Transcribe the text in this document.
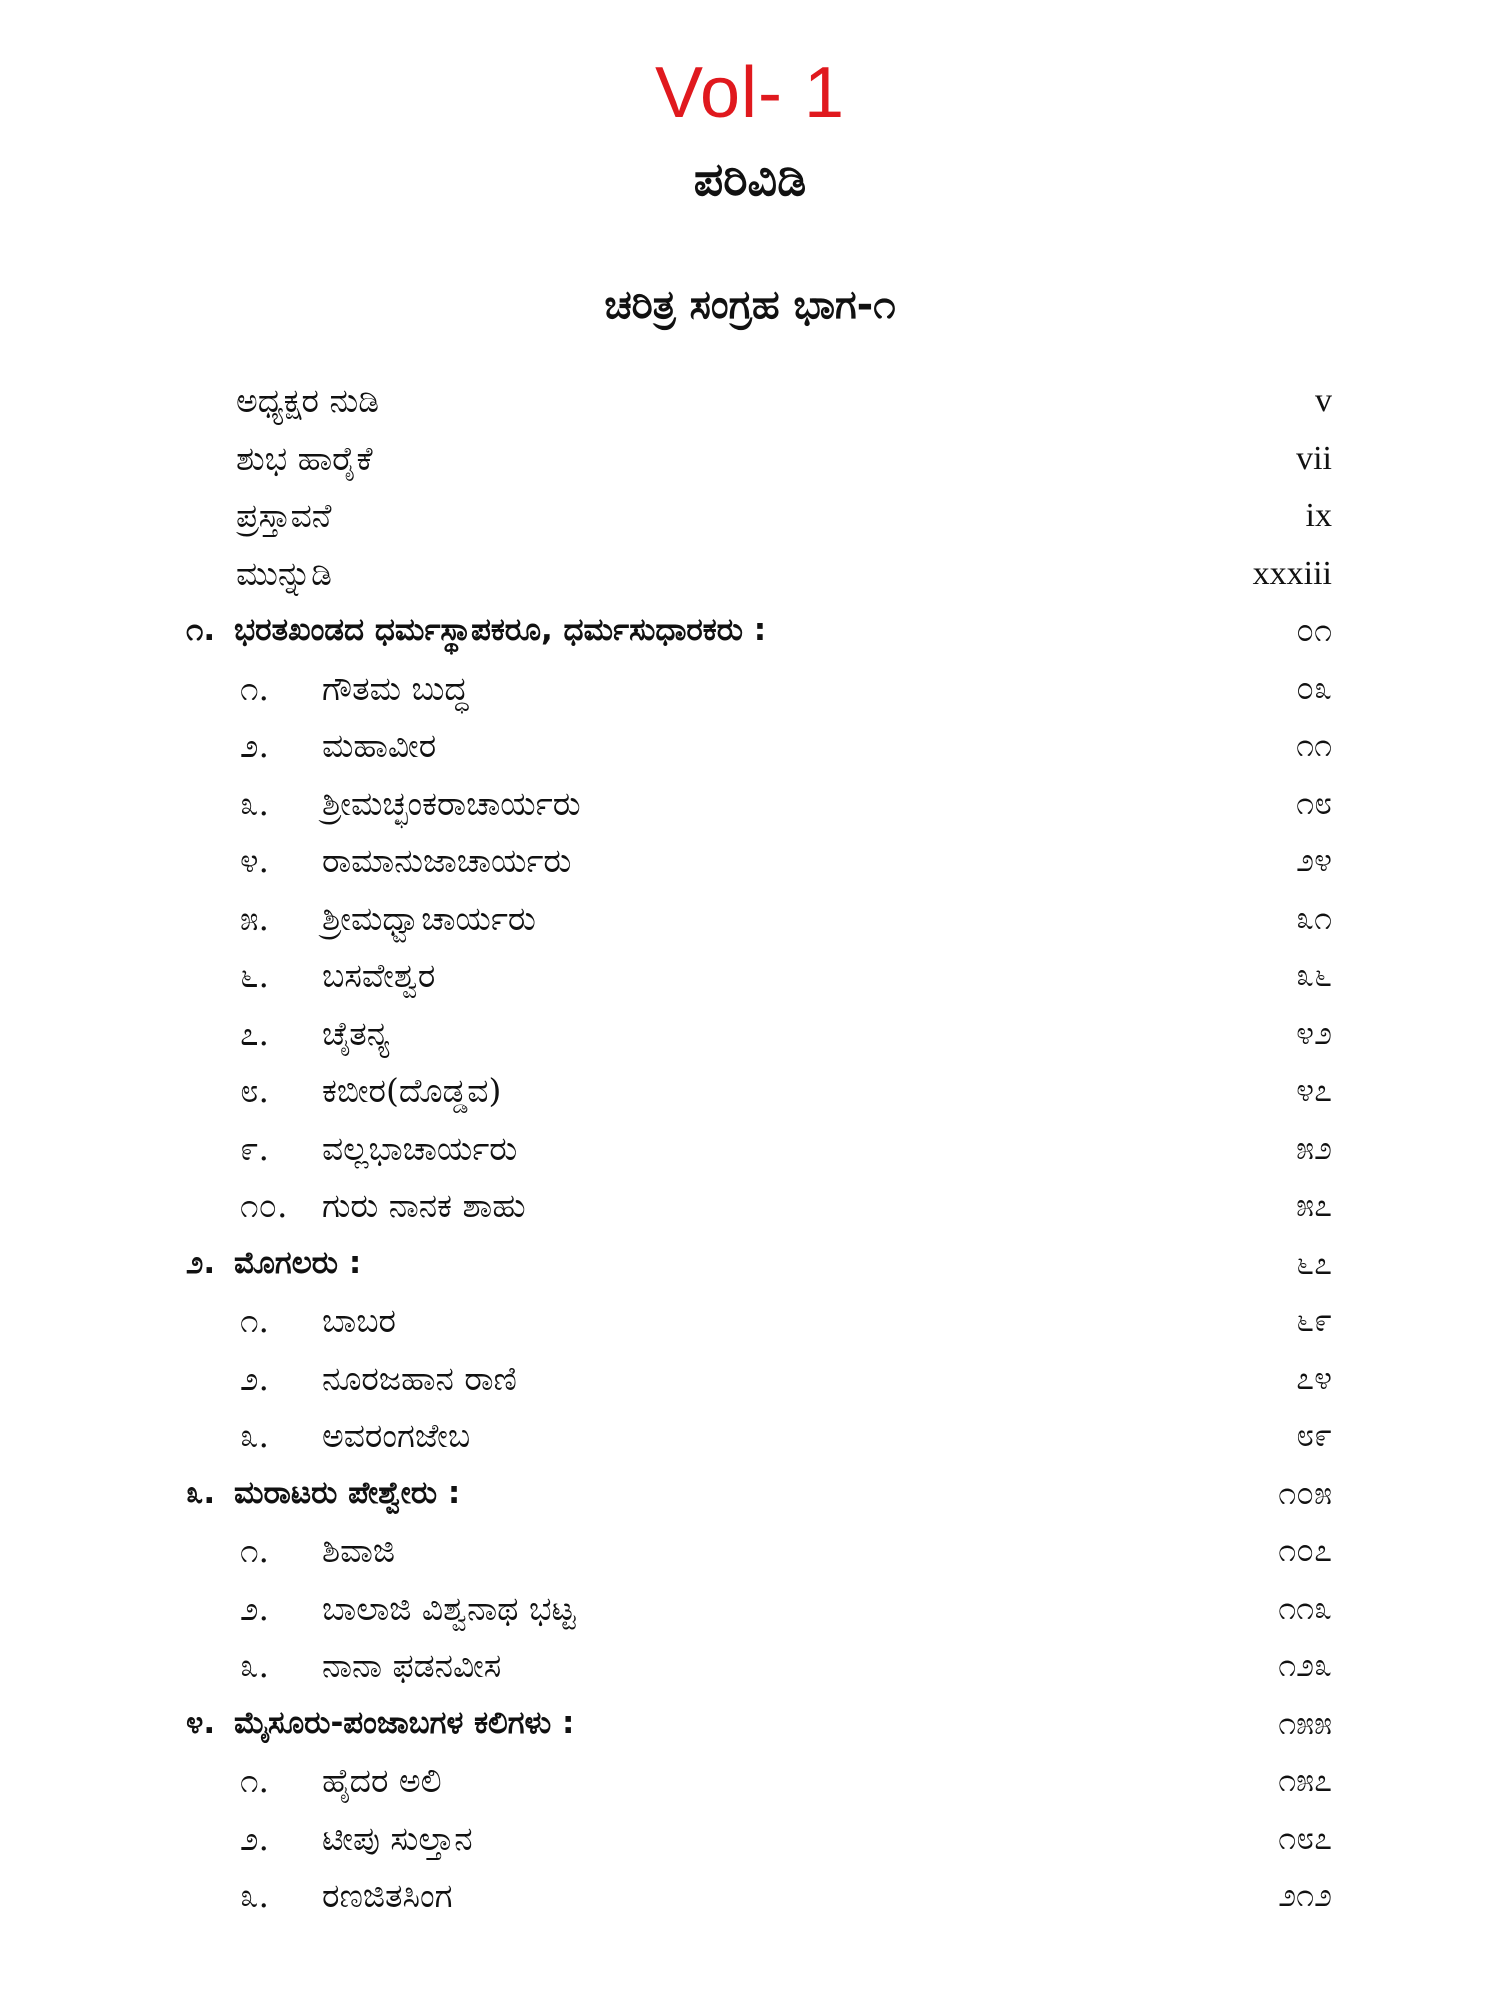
Vol- 1
ಪರಿವಿಡಿ
ಚರಿತ್ರ ಸಂಗ್ರಹ ಭಾಗ-೧
ಅಧ್ಯಕ್ಷರ ನುಡಿ	v
ಶುಭ ಹಾರೈಕೆ	vii
ಪ್ರಸ್ತಾವನೆ	ix
ಮುನ್ನುಡಿ	xxxiii
೧. ಭರತಖಂಡದ ಧರ್ಮಸ್ಥಾಪಕರೂ, ಧರ್ಮಸುಧಾರಕರು :	೦೧
೧. ಗೌತಮ ಬುದ್ಧ	೦೩
೨. ಮಹಾವೀರ	೧೧
೩. ಶ್ರೀಮಚ್ಛಂಕರಾಚಾರ್ಯರು	೧೮
೪. ರಾಮಾನುಜಾಚಾರ್ಯರು	೨೪
೫. ಶ್ರೀಮಧ್ವಾಚಾರ್ಯರು	೩೧
೬. ಬಸವೇಶ್ವರ	೩೬
೭. ಚೈತನ್ಯ	೪೨
೮. ಕಬೀರ(ದೊಡ್ಡವ)	೪೭
೯. ವಲ್ಲಭಾಚಾರ್ಯರು	೫೨
೧೦. ಗುರು ನಾನಕ ಶಾಹು	೫೭
೨. ಮೊಗಲರು :	೬೭
೧. ಬಾಬರ	೬೯
೨. ನೂರಜಹಾನ ರಾಣಿ	೭೪
೩. ಅವರಂಗಜೇಬ	೮೯
೩. ಮರಾಟರು ಪೇಶ್ವೇರು :	೧೦೫
೧. ಶಿವಾಜಿ	೧೦೭
೨. ಬಾಲಾಜಿ ವಿಶ್ವನಾಥ ಭಟ್ಟ	೧೧೩
೩. ನಾನಾ ಫಡನವೀಸ	೧೨೩
೪. ಮೈಸೂರು-ಪಂಜಾಬಗಳ ಕಲಿಗಳು :	೧೫೫
೧. ಹೈದರ ಅಲಿ	೧೫೭
೨. ಟೀಪು ಸುಲ್ತಾನ	೧೮೭
೩. ರಣಜಿತಸಿಂಗ	೨೧೨
